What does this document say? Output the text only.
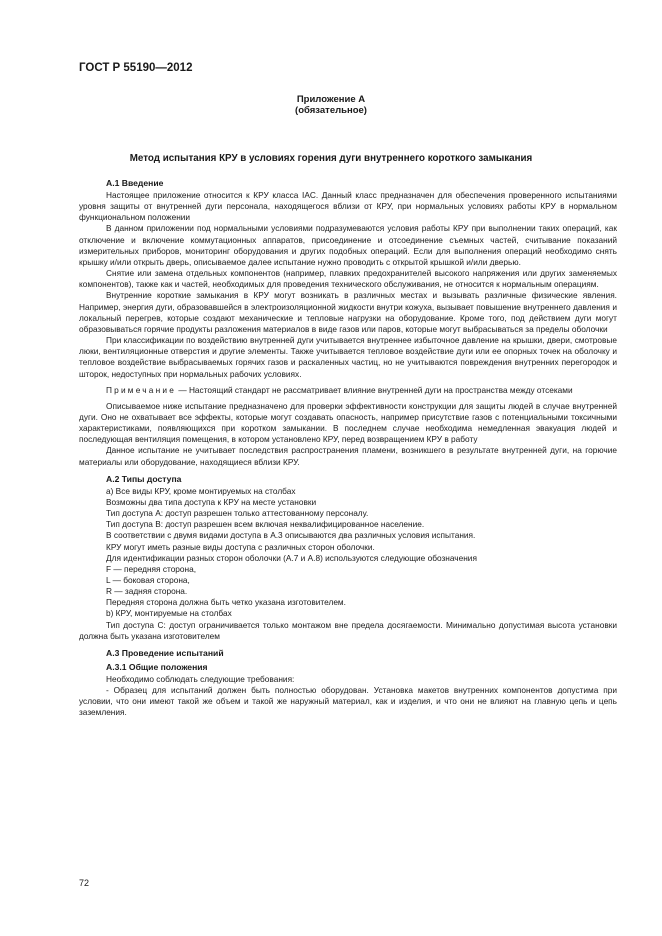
ГОСТ Р 55190—2012
Приложение А
(обязательное)
Метод испытания КРУ в условиях горения дуги внутреннего короткого замыкания
А.1 Введение

Настоящее приложение относится к КРУ класса IAC. Данный класс предназначен для обеспечения провеpенного испытаниями уровня защиты от внутренней дуги персонала, находящегося вблизи от КРУ, при нормальных условиях работы КРУ в нормальном функциональном положении

В данном приложении под нормальными условиями подразумеваются условия работы КРУ при выполнении таких операций, как отключение и включение коммутационных аппаратов, присоединение и отсоединение съемных частей, считывание показаний измерительных приборов, мониторинг оборудования и других подобных операций. Если для выполнения операций необходимо снять крышку и/или открыть дверь, описываемое далее испытание нужно проводить с открытой крышкой и/или дверью.

Снятие или замена отдельных компонентов (например, плавких предохранителей высокого напряжения или других заменяемых компонентов), также как и частей, необходимых для проведения технического обслуживания, не относится к нормальным операциям.

Внутренние короткие замыкания в КРУ могут возникать в различных местах и вызывать различные физические явления. Например, энергия дуги, образовавшейся в электроизоляционной жидкости внутри кожуха, вызывает повышение внутреннего давления и локальный перегрев, которые создают механические и тепловые нагрузки на оборудование. Кроме того, под действием дуги могут образовываться горячие продукты разложения материалов в виде газов или паров, которые могут выбрасываться за пределы оболочки

При классификации по воздействию внутренней дуги учитывается внутреннее избыточное давление на крышки, двери, смотровые люки, вентиляционные отверстия и другие элементы. Также учитывается тепловое воздействие дуги или ее опорных точек на оболочку и тепловое воздействие выбрасываемых горячих газов и раскаленных частиц, но не учитываются повреждения внутренних перегородок и шторок, недоступных при нормальных рабочих условиях.

Примечание — Настоящий стандарт не рассматривает влияние внутренней дуги на пространства между отсеками

Описываемое ниже испытание предназначено для проверки эффективности конструкции для защиты людей в случае внутренней дуги. Оно не охватывает все эффекты, которые могут создавать опасность, например присутствие газов с потенциальными токсичными характеристиками, появляющихся при коротком замыкании. В последнем случае необходима немедленная эвакуация людей и последующая вентиляция помещения, в котором установлено КРУ, перед возвращением КРУ в работу

Данное испытание не учитывает последствия распространения пламени, возникшего в результате внутренней дуги, на горючие материалы или оборудование, находящиеся вблизи КРУ.

А.2 Типы доступа
а) Все виды КРУ, кроме монтируемых на столбах
Возможны два типа доступа к КРУ на месте установки
Тип доступа А: доступ разрешен только аттестованному персоналу.
Тип доступа В: доступ разрешен всем включая неквалифицированное население.
В соответствии с двумя видами доступа в А.3 описываются два различных условия испытания.
КРУ могут иметь разные виды доступа с различных сторон оболочки.
Для идентификации разных сторон оболочки (А.7 и А.8) используются следующие обозначения
F — передняя сторона,
L — боковая сторона,
R — задняя сторона.
Передняя сторона должна быть четко указана изготовителем.
b) КРУ, монтируемые на столбах

Тип доступа С: доступ ограничивается только монтажом вне предела досягаемости. Минимально допустимая высота установки должна быть указана изготовителем

А.3 Проведение испытаний
А.3.1 Общие положения
Необходимо соблюдать следующие требования:

- Образец для испытаний должен быть полностью оборудован. Установка макетов внутренних компонентов допустима при условии, что они имеют такой же объем и такой же наружный материал, как и изделия, и что они не влияют на главную цепь и цепь заземления.

72
